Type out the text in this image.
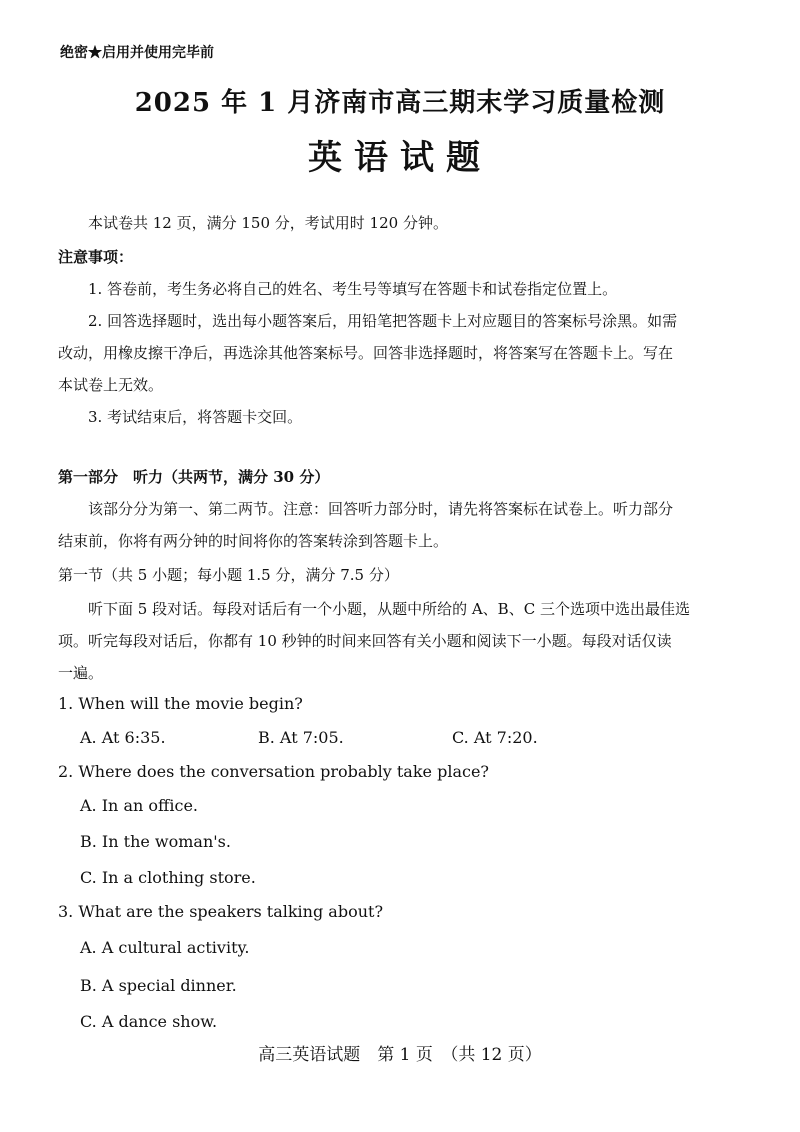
绝密★启用并使用完毕前
2025 年 1 月济南市高三期末学习质量检测
英语试题
本试卷共 12 页，满分 150 分，考试用时 120 分钟。
注意事项：
1. 答卷前，考生务必将自己的姓名、考生号等填写在答题卡和试卷指定位置上。
2. 回答选择题时，选出每小题答案后，用铅笔把答题卡上对应题目的答案标号涂黑。如需
改动，用橡皮擦干净后，再选涂其他答案标号。回答非选择题时，将答案写在答题卡上。写在
本试卷上无效。
3. 考试结束后，将答题卡交回。
第一部分　听力（共两节，满分 30 分）
该部分分为第一、第二两节。注意：回答听力部分时，请先将答案标在试卷上。听力部分
结束前，你将有两分钟的时间将你的答案转涂到答题卡上。
第一节（共 5 小题；每小题 1.5 分，满分 7.5 分）
听下面 5 段对话。每段对话后有一个小题，从题中所给的 A、B、C 三个选项中选出最佳选
项。听完每段对话后，你都有 10 秒钟的时间来回答有关小题和阅读下一小题。每段对话仅读
一遍。
1. When will the movie begin?
A. At 6:35.	B. At 7:05.	C. At 7:20.
2. Where does the conversation probably take place?
A. In an office.
B. In the woman's.
C. In a clothing store.
3. What are the speakers talking about?
A. A cultural activity.
B. A special dinner.
C. A dance show.
高三英语试题　第 1 页　（共 12 页）
